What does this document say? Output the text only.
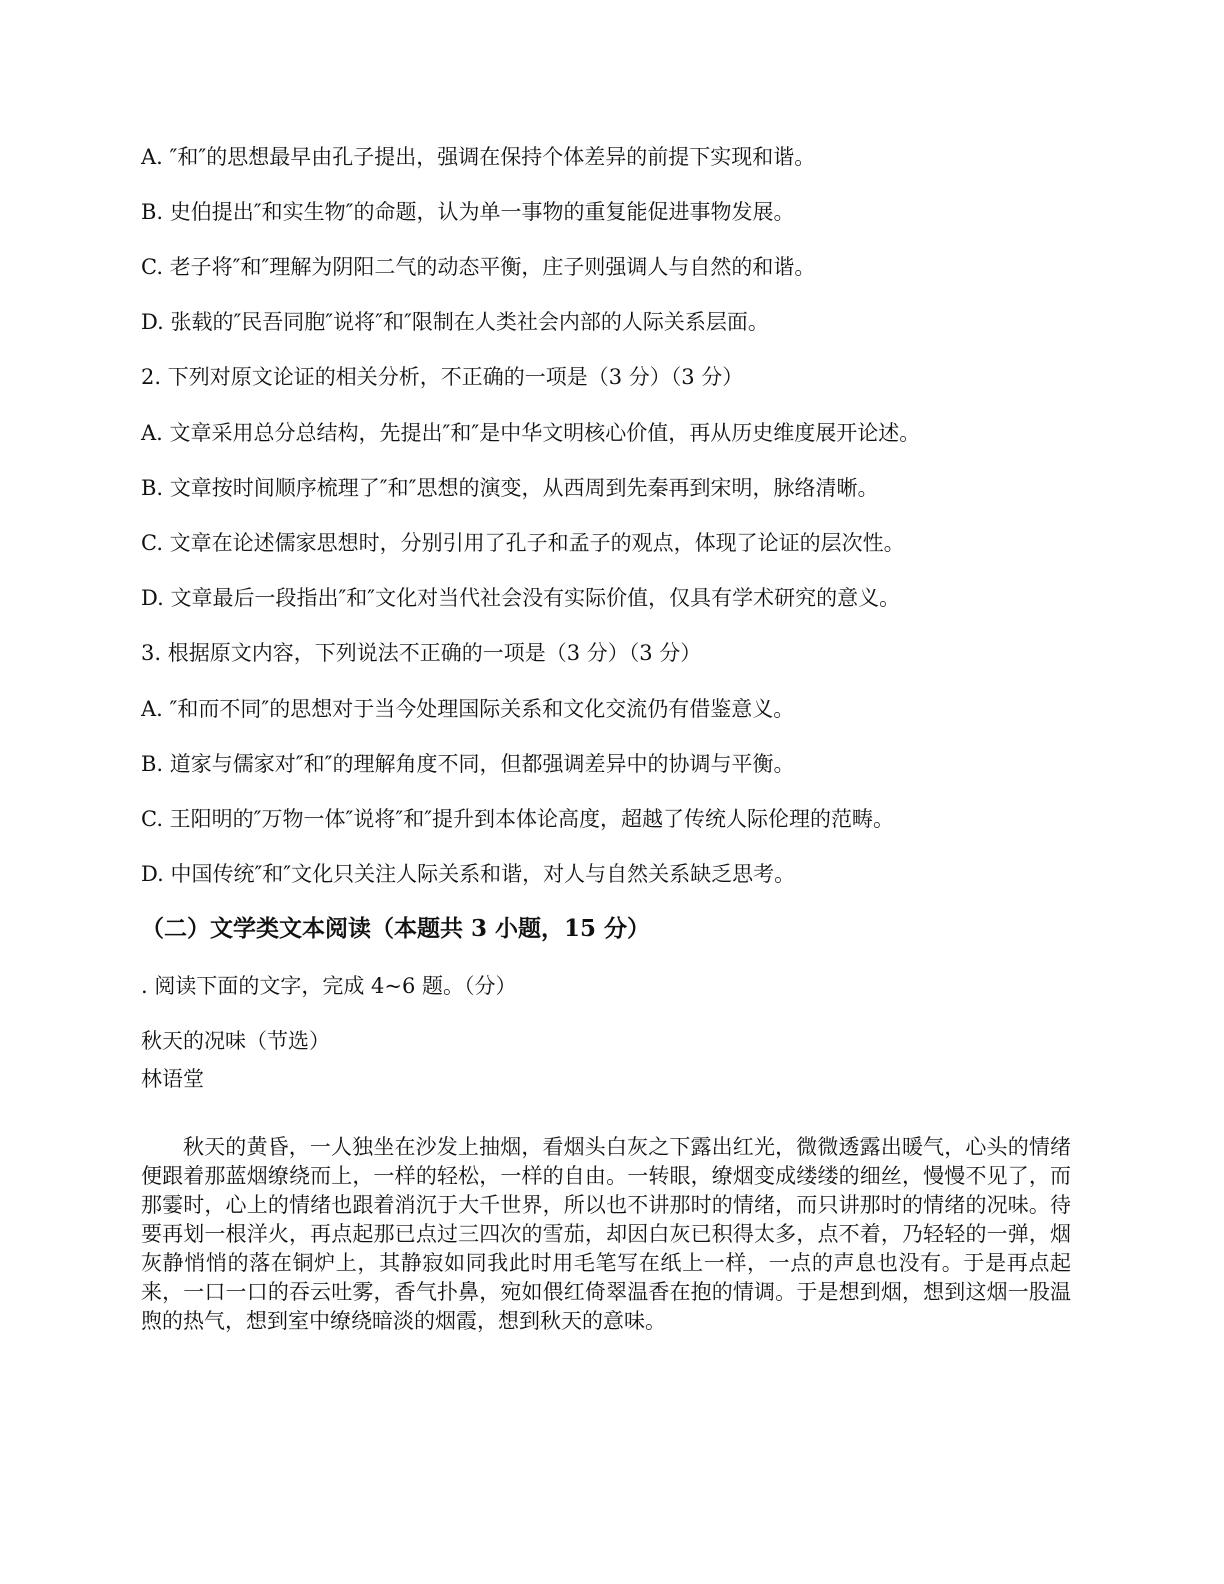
A. ″和″的思想最早由孔子提出，强调在保持个体差异的前提下实现和谐。
B. 史伯提出″和实生物″的命题，认为单一事物的重复能促进事物发展。
C. 老子将″和″理解为阴阳二气的动态平衡，庄子则强调人与自然的和谐。
D. 张载的″民吾同胞″说将″和″限制在人类社会内部的人际关系层面。
2. 下列对原文论证的相关分析，不正确的一项是（3 分）（3 分）
A. 文章采用总分总结构，先提出″和″是中华文明核心价值，再从历史维度展开论述。
B. 文章按时间顺序梳理了″和″思想的演变，从西周到先秦再到宋明，脉络清晰。
C. 文章在论述儒家思想时，分别引用了孔子和孟子的观点，体现了论证的层次性。
D. 文章最后一段指出″和″文化对当代社会没有实际价值，仅具有学术研究的意义。
3. 根据原文内容，下列说法不正确的一项是（3 分）（3 分）
A. ″和而不同″的思想对于当今处理国际关系和文化交流仍有借鉴意义。
B. 道家与儒家对″和″的理解角度不同，但都强调差异中的协调与平衡。
C. 王阳明的″万物一体″说将″和″提升到本体论高度，超越了传统人际伦理的范畴。
D. 中国传统″和″文化只关注人际关系和谐，对人与自然关系缺乏思考。
（二）文学类文本阅读（本题共 3 小题，15 分）
. 阅读下面的文字，完成 4~6 题。（分）
秋天的况味（节选）
林语堂
秋天的黄昏，一人独坐在沙发上抽烟，看烟头白灰之下露出红光，微微透露出暖气，心头的情绪便跟着那蓝烟缭绕而上，一样的轻松，一样的自由。一转眼，缭烟变成缕缕的细丝，慢慢不见了，而那霎时，心上的情绪也跟着消沉于大千世界，所以也不讲那时的情绪，而只讲那时的情绪的况味。待要再划一根洋火，再点起那已点过三四次的雪茄，却因白灰已积得太多，点不着，乃轻轻的一弹，烟灰静悄悄的落在铜炉上，其静寂如同我此时用毛笔写在纸上一样，一点的声息也没有。于是再点起来，一口一口的吞云吐雾，香气扑鼻，宛如偎红倚翠温香在抱的情调。于是想到烟，想到这烟一股温煦的热气，想到室中缭绕暗淡的烟霞，想到秋天的意味。
